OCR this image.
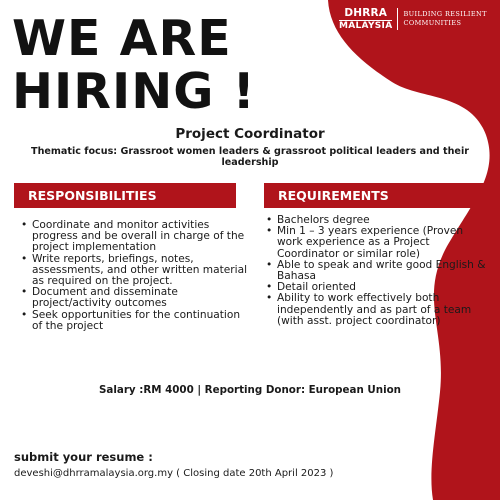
DHRRA
MALAYSIA
BUILDING RESILIENT
COMMUNITIES
WE ARE
HIRING !
Project Coordinator
Thematic focus: Grassroot women leaders & grassroot political leaders and their leadership
RESPONSIBILITIES	REQUIREMENTS
• Coordinate and monitor activities progress and be overall in charge of the project implementation
• Write reports, briefings, notes, assessments, and other written material as required on the project.
• Document and disseminate project/activity outcomes
• Seek opportunities for the continuation of the project
• Bachelors degree
• Min 1 – 3 years experience (Proven work experience as a Project Coordinator or similar role)
• Able to speak and write good English & Bahasa
• Detail oriented
• Ability to work effectively both independently and as part of a team (with asst. project coordinator)
Salary :RM 4000 | Reporting Donor: European Union
submit your resume :
deveshi@dhrramalaysia.org.my ( Closing date 20th April 2023 )
